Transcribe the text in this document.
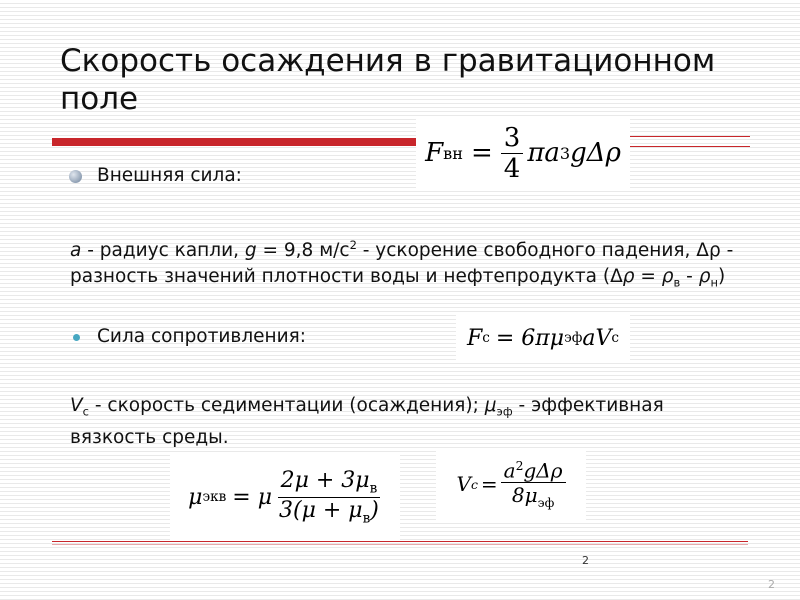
Скорость осаждения в гравитационном поле
F вн = $\frac{3}{4}$ πa 3 gΔρ
Внешняя сила:
a - радиус капли, g = 9,8 $м/с^2$ - ускорение свободного падения, Δρ - разность значений плотности воды и нефтепродукта $(\Delta\rho = \rho_в - \rho_н)$
Сила сопротивления:	F c = 6πμ эф aV c
$V_c$ - скорость седиментации (осаждения); $\mu_{эф}$ - эффективная вязкость среды.
μ экв = μ $\frac{2\mu + 3\mu_в}{3(\mu + \mu_в)}$	V $c = \frac{a^2g\Delta\rho}{8\mu_{эф}}$
2
2
